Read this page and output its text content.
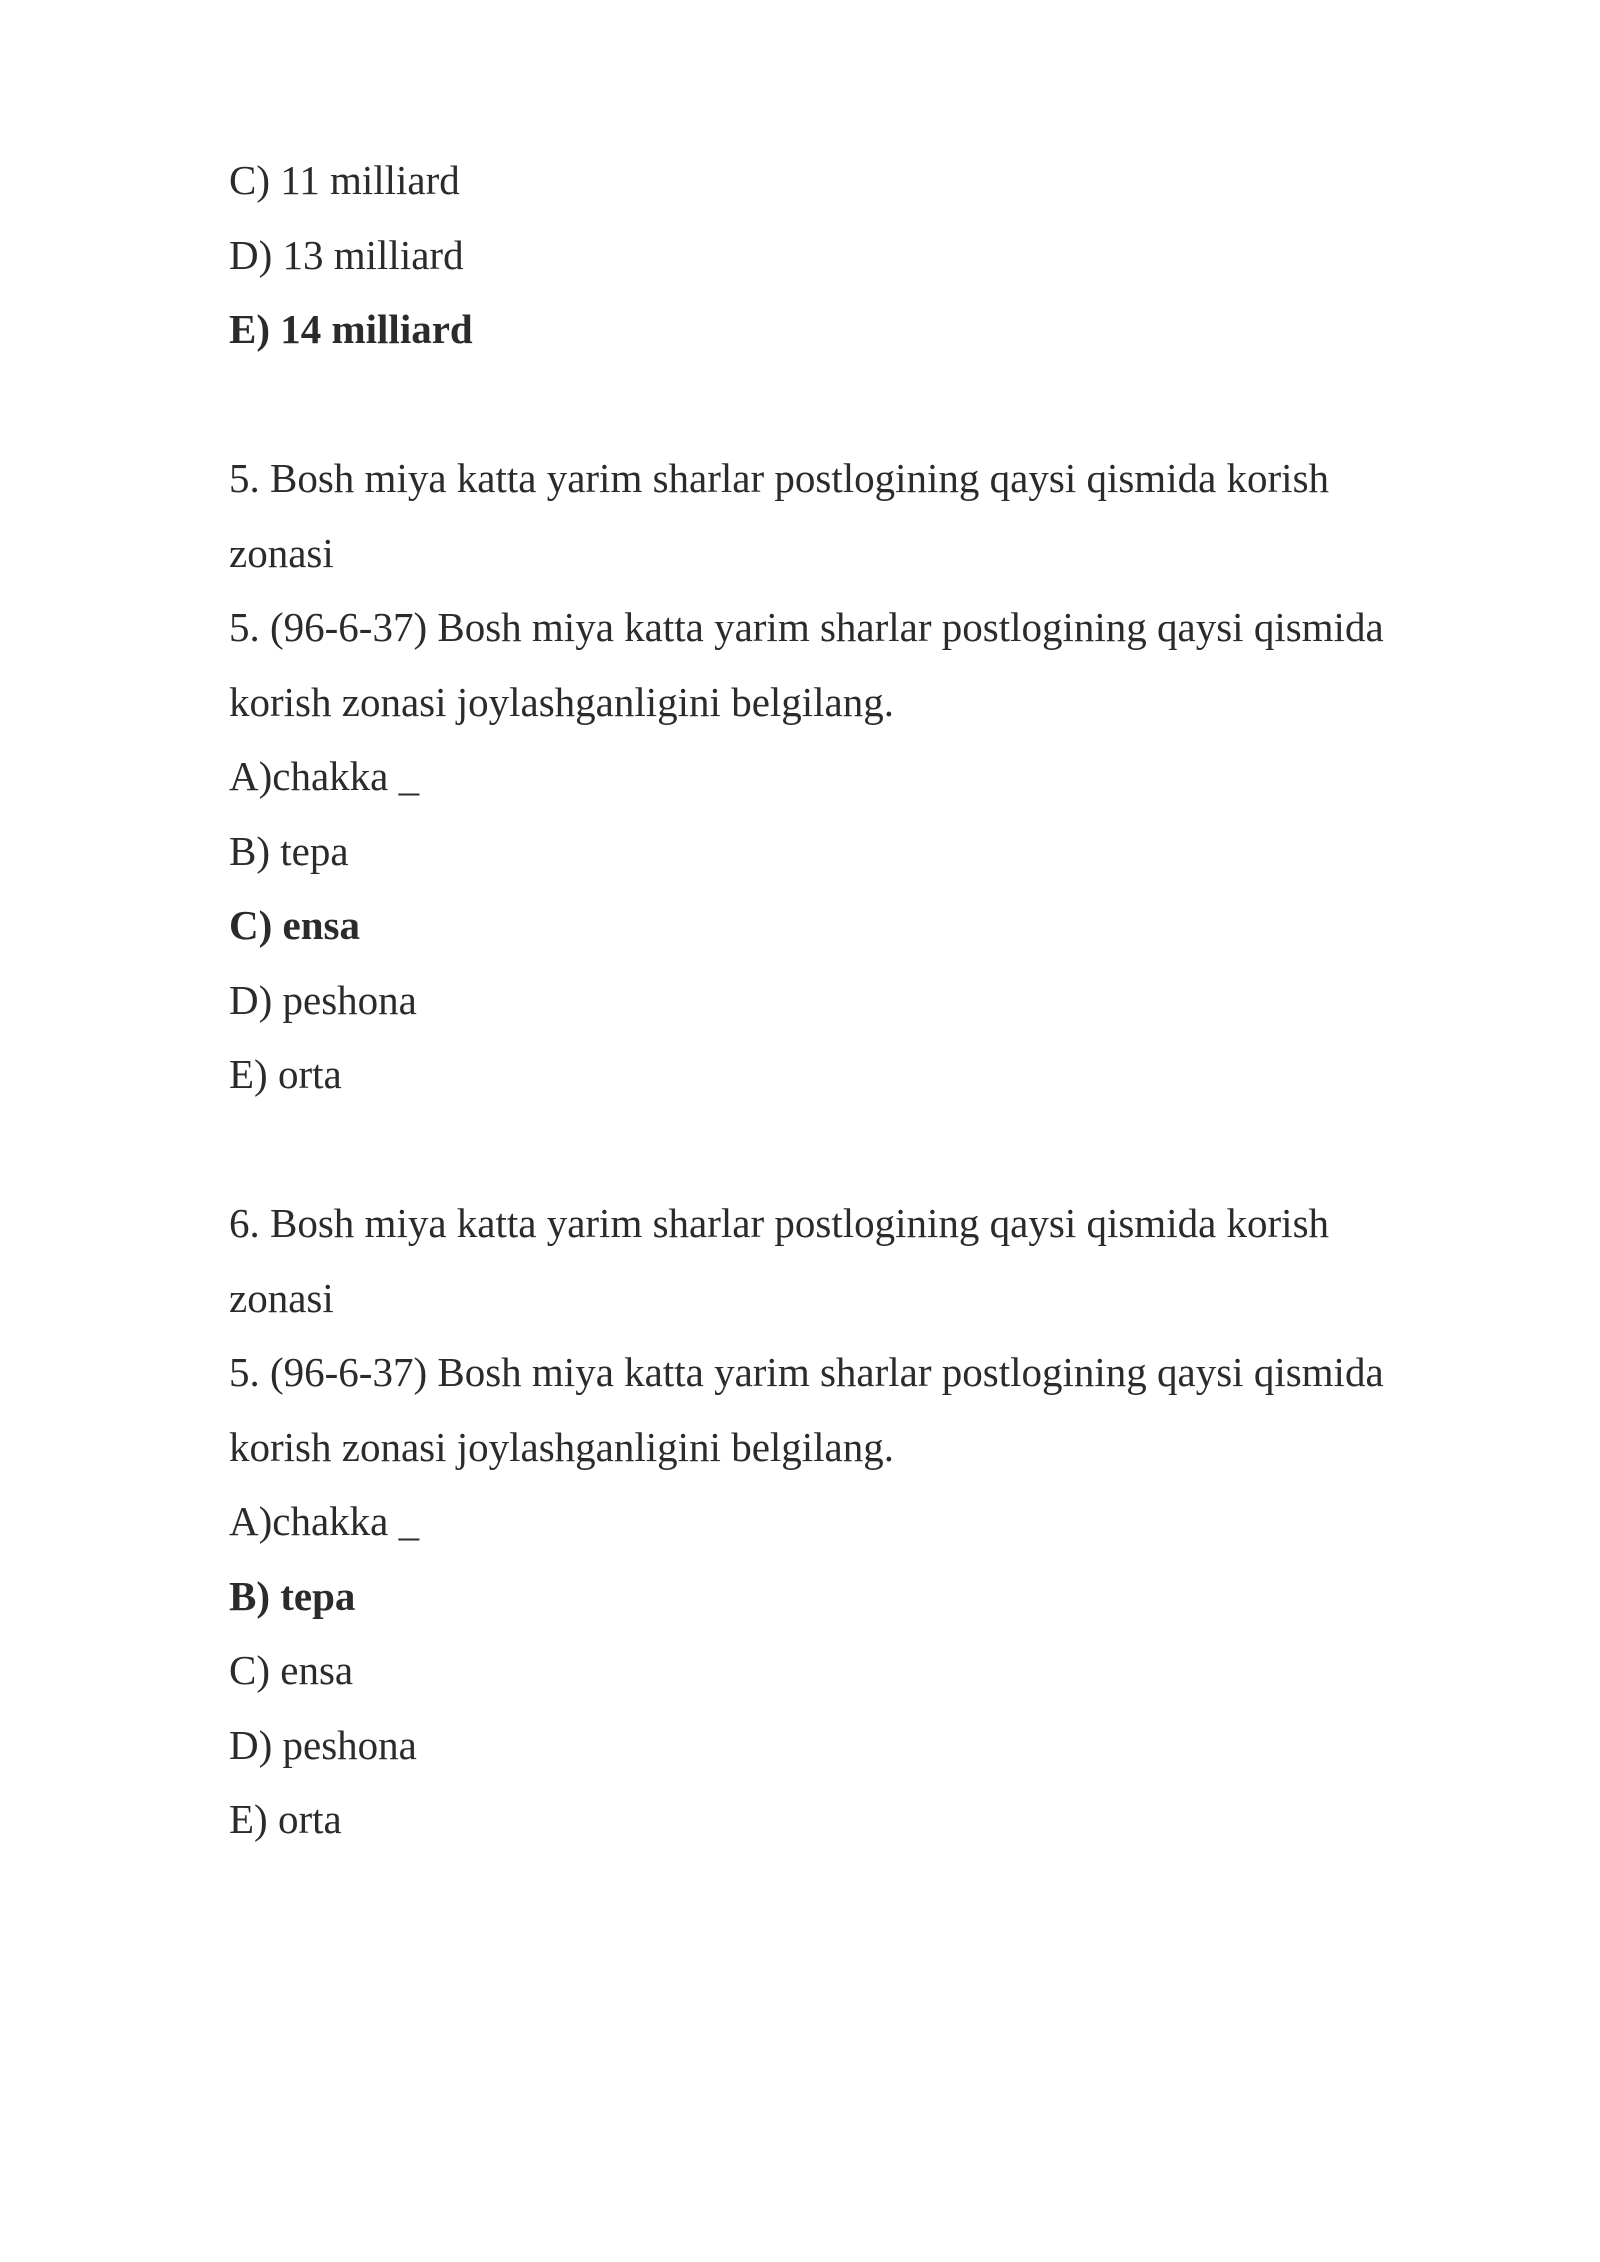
C) 11 milliard
D) 13 milliard
E) 14 milliard
5. Bosh miya katta yarim sharlar postlogining qaysi qismida korish
zonasi
5. (96-6-37) Bosh miya katta yarim sharlar postlogining qaysi qismida
korish zonasi joylashganligini belgilang.
A)chakka _
B) tepa
C) ensa
D) peshona
E) orta
6. Bosh miya katta yarim sharlar postlogining qaysi qismida korish
zonasi
5. (96-6-37) Bosh miya katta yarim sharlar postlogining qaysi qismida
korish zonasi joylashganligini belgilang.
A)chakka _
B) tepa
C) ensa
D) peshona
E) orta
